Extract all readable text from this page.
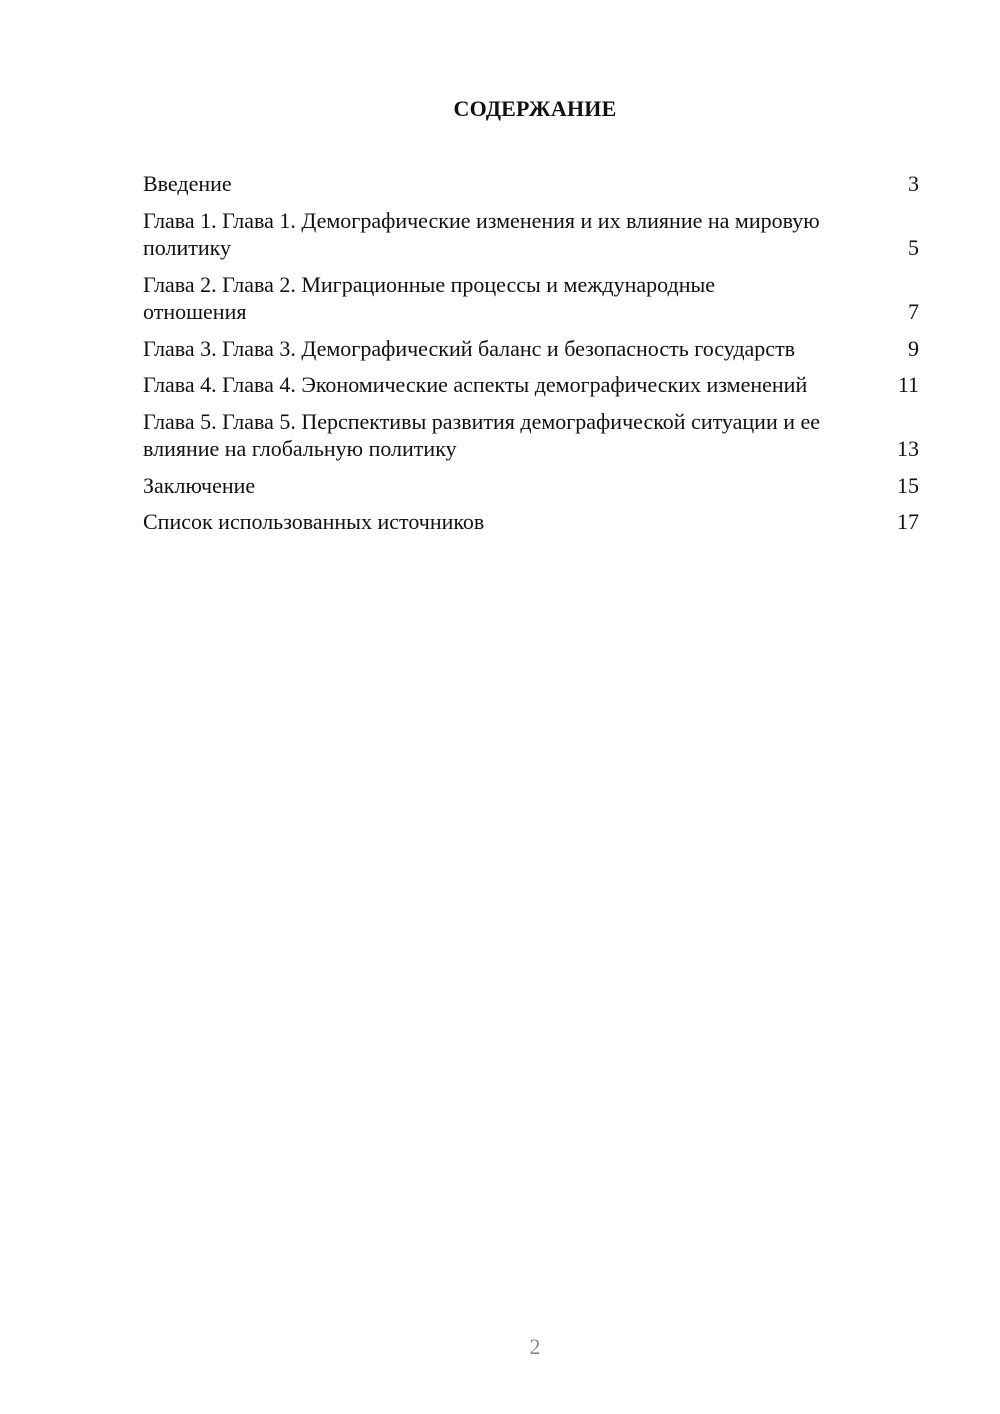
СОДЕРЖАНИЕ
Введение	3
Глава 1. Глава 1. Демографические изменения и их влияние на мировую политику	5
Глава 2. Глава 2. Миграционные процессы и международные отношения	7
Глава 3. Глава 3. Демографический баланс и безопасность государств	9
Глава 4. Глава 4. Экономические аспекты демографических изменений	11
Глава 5. Глава 5. Перспективы развития демографической ситуации и ее влияние на глобальную политику	13
Заключение	15
Список использованных источников	17
2
